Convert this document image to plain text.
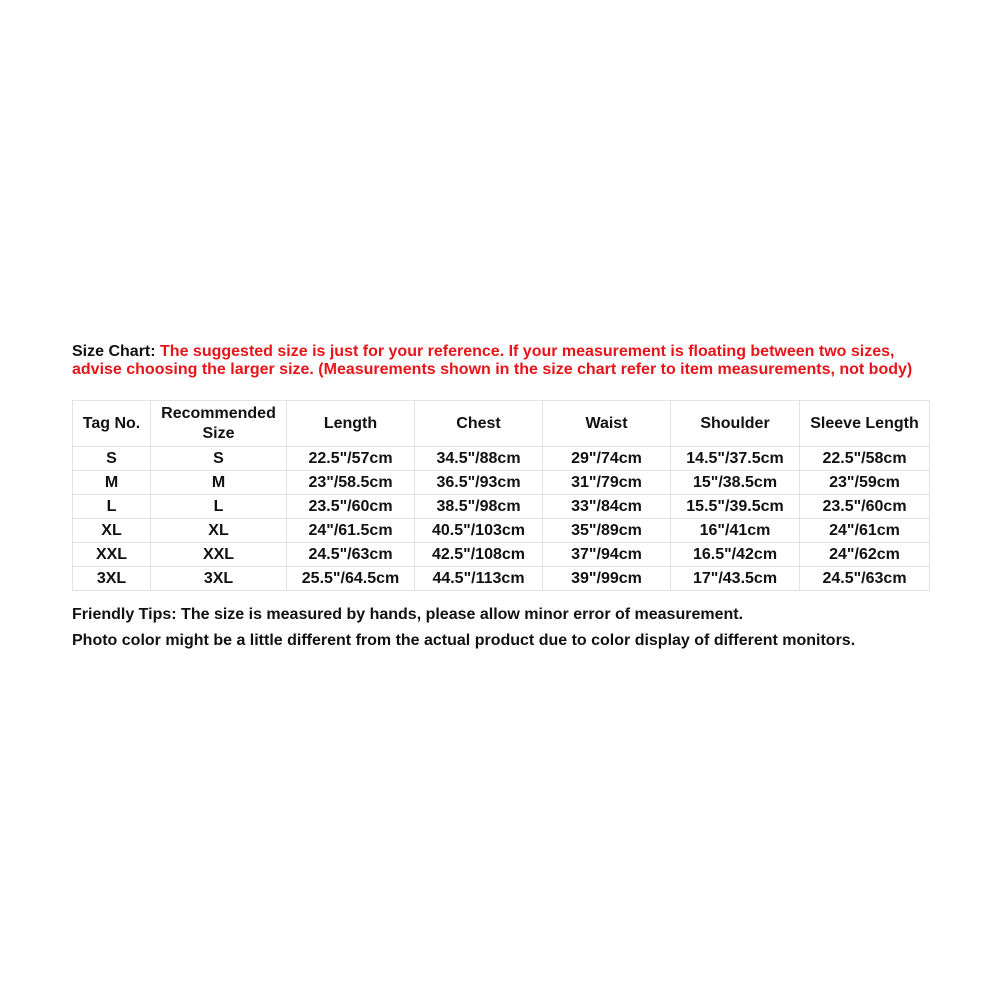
Size Chart: The suggested size is just for your reference. If your measurement is floating between two sizes, advise choosing the larger size. (Measurements shown in the size chart refer to item measurements, not body)
Tag No.	Recommended Size	Length	Chest	Waist	Shoulder	Sleeve Length
S	S	22.5"/57cm	34.5"/88cm	29"/74cm	14.5"/37.5cm	22.5"/58cm
M	M	23"/58.5cm	36.5"/93cm	31"/79cm	15"/38.5cm	23"/59cm
L	L	23.5"/60cm	38.5"/98cm	33"/84cm	15.5"/39.5cm	23.5"/60cm
XL	XL	24"/61.5cm	40.5"/103cm	35"/89cm	16"/41cm	24"/61cm
XXL	XXL	24.5"/63cm	42.5"/108cm	37"/94cm	16.5"/42cm	24"/62cm
3XL	3XL	25.5"/64.5cm	44.5"/113cm	39"/99cm	17"/43.5cm	24.5"/63cm
Friendly Tips: The size is measured by hands, please allow minor error of measurement.
Photo color might be a little different from the actual product due to color display of different monitors.
